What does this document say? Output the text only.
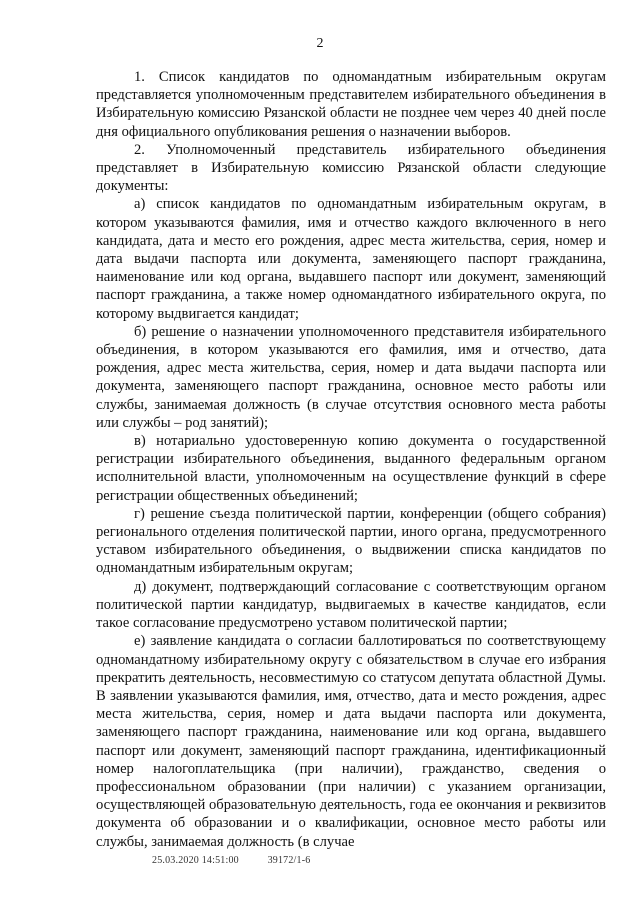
2

1. Список кандидатов по одномандатным избирательным округам представляется уполномоченным представителем избирательного объединения в Избирательную комиссию Рязанской области не позднее чем через 40 дней после дня официального опубликования решения о назначении выборов.

2. Уполномоченный представитель избирательного объединения представляет в Избирательную комиссию Рязанской области следующие документы:

а) список кандидатов по одномандатным избирательным округам, в котором указываются фамилия, имя и отчество каждого включенного в него кандидата, дата и место его рождения, адрес места жительства, серия, номер и дата выдачи паспорта или документа, заменяющего паспорт гражданина, наименование или код органа, выдавшего паспорт или документ, заменяющий паспорт гражданина, а также номер одномандатного избирательного округа, по которому выдвигается кандидат;

б) решение о назначении уполномоченного представителя избирательного объединения, в котором указываются его фамилия, имя и отчество, дата рождения, адрес места жительства, серия, номер и дата выдачи паспорта или документа, заменяющего паспорт гражданина, основное место работы или службы, занимаемая должность (в случае отсутствия основного места работы или службы – род занятий);

в) нотариально удостоверенную копию документа о государственной регистрации избирательного объединения, выданного федеральным органом исполнительной власти, уполномоченным на осуществление функций в сфере регистрации общественных объединений;

г) решение съезда политической партии, конференции (общего собрания) регионального отделения политической партии, иного органа, предусмотренного уставом избирательного объединения, о выдвижении списка кандидатов по одномандатным избирательным округам;

д) документ, подтверждающий согласование с соответствующим органом политической партии кандидатур, выдвигаемых в качестве кандидатов, если такое согласование предусмотрено уставом политической партии;

е) заявление кандидата о согласии баллотироваться по соответствующему одномандатному избирательному округу с обязательством в случае его избрания прекратить деятельность, несовместимую со статусом депутата областной Думы. В заявлении указываются фамилия, имя, отчество, дата и место рождения, адрес места жительства, серия, номер и дата выдачи паспорта или документа, заменяющего паспорт гражданина, наименование или код органа, выдавшего паспорт или документ, заменяющий паспорт гражданина, идентификационный номер налогоплательщика (при наличии), гражданство, сведения о профессиональном образовании (при наличии) с указанием организации, осуществляющей образовательную деятельность, года ее окончания и реквизитов документа об образовании и о квалификации, основное место работы или службы, занимаемая должность (в случае

25.03.2020 14:51:00	39172/1-6
